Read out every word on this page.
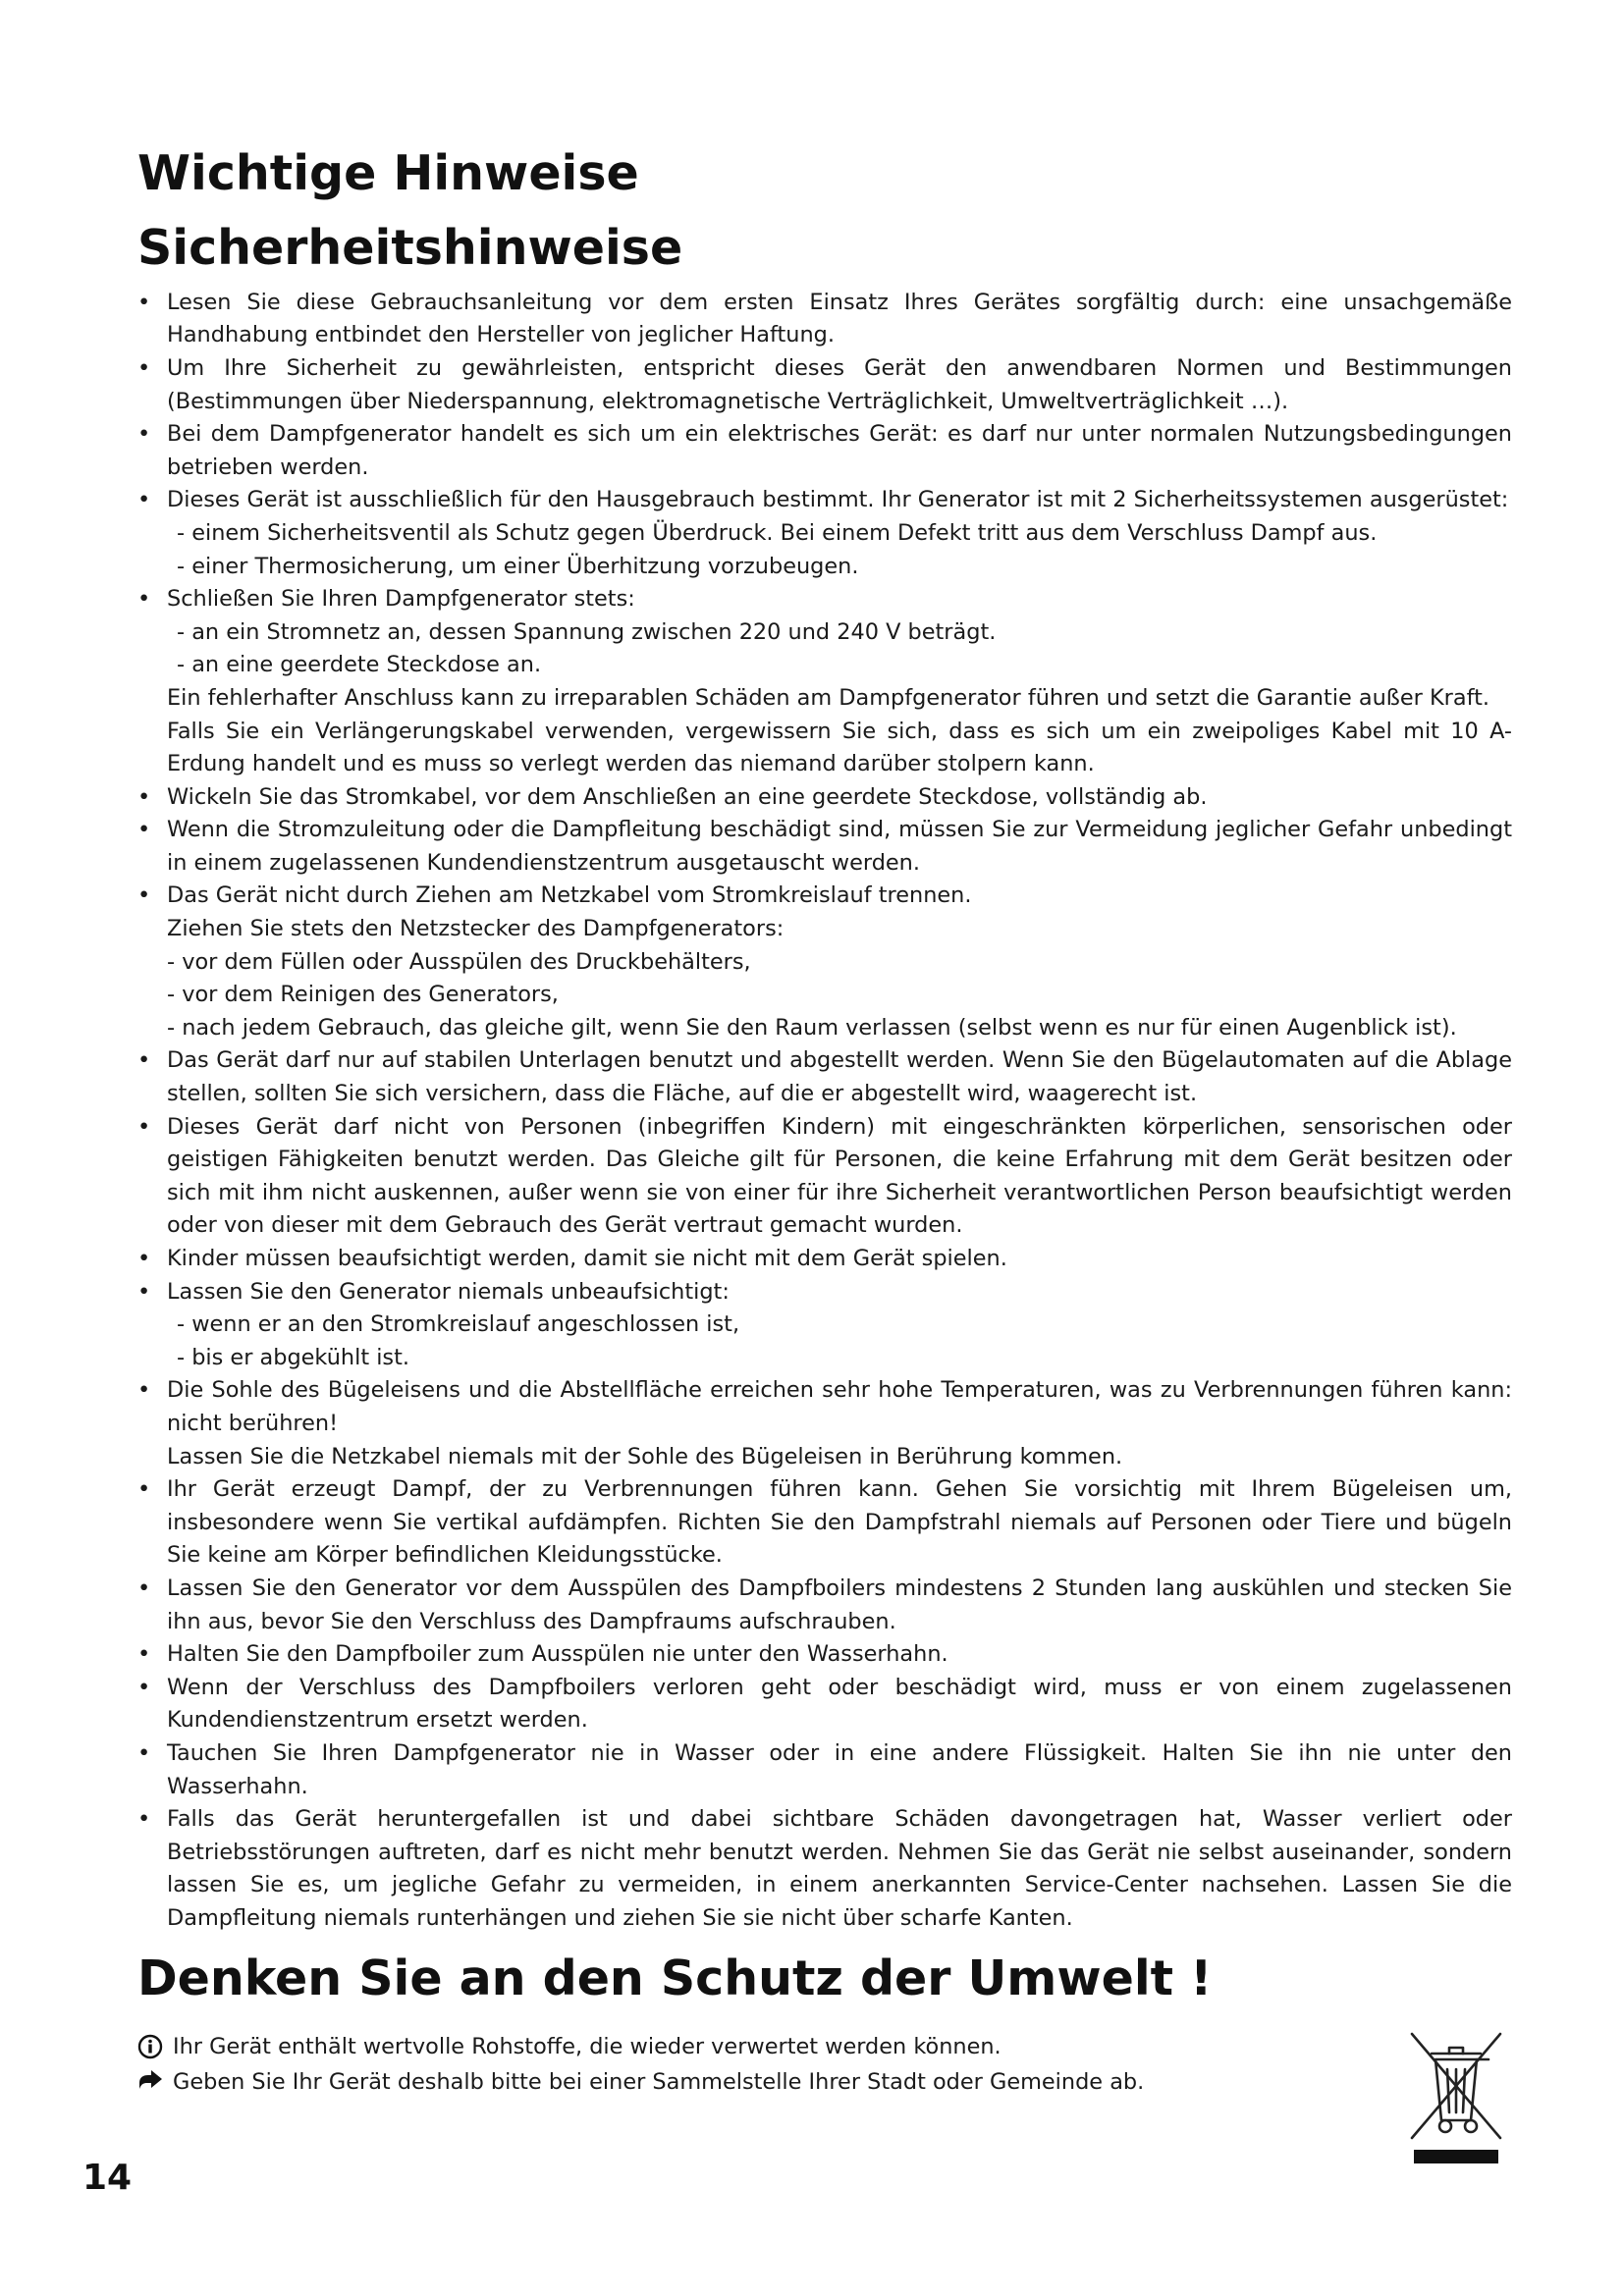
Wichtige Hinweise
Sicherheitshinweise
• Lesen Sie diese Gebrauchsanleitung vor dem ersten Einsatz Ihres Gerätes sorgfältig durch: eine unsachgemäße Handhabung entbindet den Hersteller von jeglicher Haftung.
• Um Ihre Sicherheit zu gewährleisten, entspricht dieses Gerät den anwendbaren Normen und Bestimmungen (Bestimmungen über Niederspannung, elektromagnetische Verträglichkeit, Umweltverträglichkeit …).
• Bei dem Dampfgenerator handelt es sich um ein elektrisches Gerät: es darf nur unter normalen Nutzungsbedingungen betrieben werden.
• Dieses Gerät ist ausschließlich für den Hausgebrauch bestimmt. Ihr Generator ist mit 2 Sicherheitssystemen ausgerüstet:
- einem Sicherheitsventil als Schutz gegen Überdruck. Bei einem Defekt tritt aus dem Verschluss Dampf aus.
- einer Thermosicherung, um einer Überhitzung vorzubeugen.
• Schließen Sie Ihren Dampfgenerator stets:
- an ein Stromnetz an, dessen Spannung zwischen 220 und 240 V beträgt.
- an eine geerdete Steckdose an.
Ein fehlerhafter Anschluss kann zu irreparablen Schäden am Dampfgenerator führen und setzt die Garantie außer Kraft.
Falls Sie ein Verlängerungskabel verwenden, vergewissern Sie sich, dass es sich um ein zweipoliges Kabel mit 10 A-Erdung handelt und es muss so verlegt werden das niemand darüber stolpern kann.
• Wickeln Sie das Stromkabel, vor dem Anschließen an eine geerdete Steckdose, vollständig ab.
• Wenn die Stromzuleitung oder die Dampfleitung beschädigt sind, müssen Sie zur Vermeidung jeglicher Gefahr unbedingt in einem zugelassenen Kundendienstzentrum ausgetauscht werden.
• Das Gerät nicht durch Ziehen am Netzkabel vom Stromkreislauf trennen.
Ziehen Sie stets den Netzstecker des Dampfgenerators:
- vor dem Füllen oder Ausspülen des Druckbehälters,
- vor dem Reinigen des Generators,
- nach jedem Gebrauch, das gleiche gilt, wenn Sie den Raum verlassen (selbst wenn es nur für einen Augenblick ist).
• Das Gerät darf nur auf stabilen Unterlagen benutzt und abgestellt werden. Wenn Sie den Bügelautomaten auf die Ablage stellen, sollten Sie sich versichern, dass die Fläche, auf die er abgestellt wird, waagerecht ist.
• Dieses Gerät darf nicht von Personen (inbegriffen Kindern) mit eingeschränkten körperlichen, sensorischen oder geistigen Fähigkeiten benutzt werden. Das Gleiche gilt für Personen, die keine Erfahrung mit dem Gerät besitzen oder sich mit ihm nicht auskennen, außer wenn sie von einer für ihre Sicherheit verantwortlichen Person beaufsichtigt werden oder von dieser mit dem Gebrauch des Gerät vertraut gemacht wurden.
• Kinder müssen beaufsichtigt werden, damit sie nicht mit dem Gerät spielen.
• Lassen Sie den Generator niemals unbeaufsichtigt:
- wenn er an den Stromkreislauf angeschlossen ist,
- bis er abgekühlt ist.
• Die Sohle des Bügeleisens und die Abstellfläche erreichen sehr hohe Temperaturen, was zu Verbrennungen führen kann: nicht berühren!
Lassen Sie die Netzkabel niemals mit der Sohle des Bügeleisen in Berührung kommen.
• Ihr Gerät erzeugt Dampf, der zu Verbrennungen führen kann. Gehen Sie vorsichtig mit Ihrem Bügeleisen um, insbesondere wenn Sie vertikal aufdämpfen. Richten Sie den Dampfstrahl niemals auf Personen oder Tiere und bügeln Sie keine am Körper befindlichen Kleidungsstücke.
• Lassen Sie den Generator vor dem Ausspülen des Dampfboilers mindestens 2 Stunden lang auskühlen und stecken Sie ihn aus, bevor Sie den Verschluss des Dampfraums aufschrauben.
• Halten Sie den Dampfboiler zum Ausspülen nie unter den Wasserhahn.
• Wenn der Verschluss des Dampfboilers verloren geht oder beschädigt wird, muss er von einem zugelassenen Kundendienstzentrum ersetzt werden.
• Tauchen Sie Ihren Dampfgenerator nie in Wasser oder in eine andere Flüssigkeit. Halten Sie ihn nie unter den Wasserhahn.
• Falls das Gerät heruntergefallen ist und dabei sichtbare Schäden davongetragen hat, Wasser verliert oder Betriebsstörungen auftreten, darf es nicht mehr benutzt werden. Nehmen Sie das Gerät nie selbst auseinander, sondern lassen Sie es, um jegliche Gefahr zu vermeiden, in einem anerkannten Service-Center nachsehen. Lassen Sie die Dampfleitung niemals runterhängen und ziehen Sie sie nicht über scharfe Kanten.
Denken Sie an den Schutz der Umwelt !
Ihr Gerät enthält wertvolle Rohstoffe, die wieder verwertet werden können.
Geben Sie Ihr Gerät deshalb bitte bei einer Sammelstelle Ihrer Stadt oder Gemeinde ab.
14
